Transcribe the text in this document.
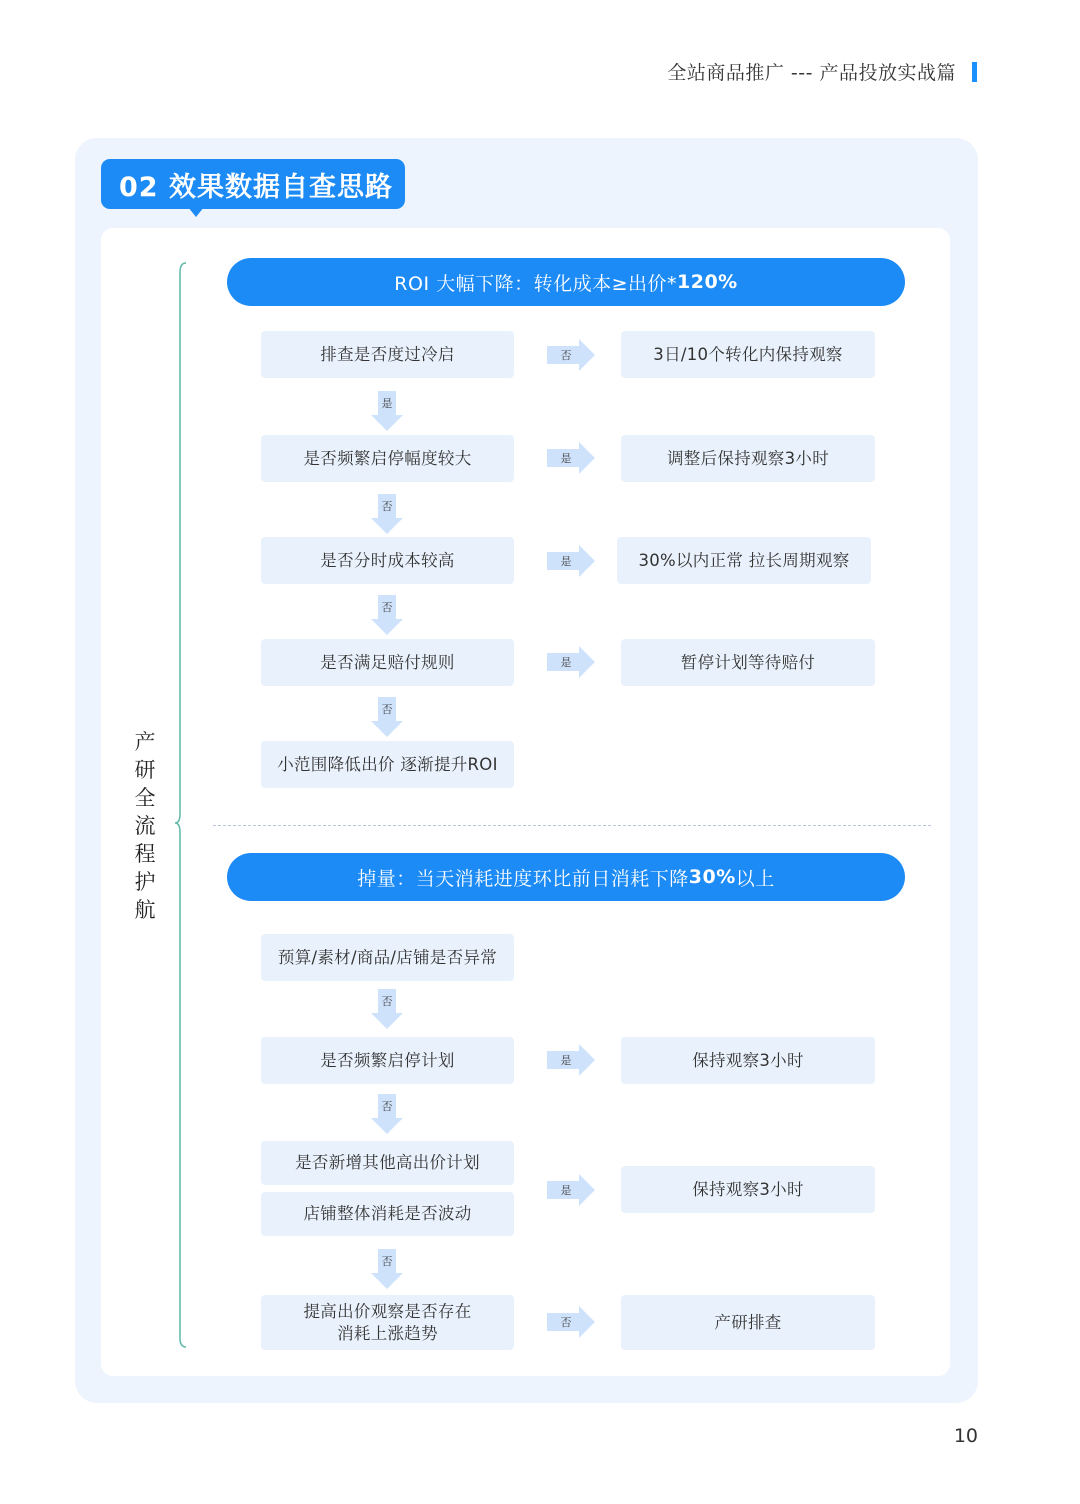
全站商品推广 --- 产品投放实战篇
02 效果数据自查思路
产研全流程护航
ROI 大幅下降：转化成本≥出价* 120%
排查是否度过冷启	否	3日/10个转化内保持观察
是
是否频繁启停幅度较大	是	调整后保持观察3小时
否
是否分时成本较高	是	30%以内正常 拉长周期观察
否
是否满足赔付规则	是	暂停计划等待赔付
否
小范围降低出价 逐渐提升ROI
掉量：当天消耗进度环比前日消耗下降 30% 以上
预算/素材/商品/店铺是否异常
否
是否频繁启停计划	是	保持观察3小时
否
是否新增其他高出价计划
店铺整体消耗是否波动
是	保持观察3小时
否
提高出价观察是否存在
消耗上涨趋势
否	产研排查
10
